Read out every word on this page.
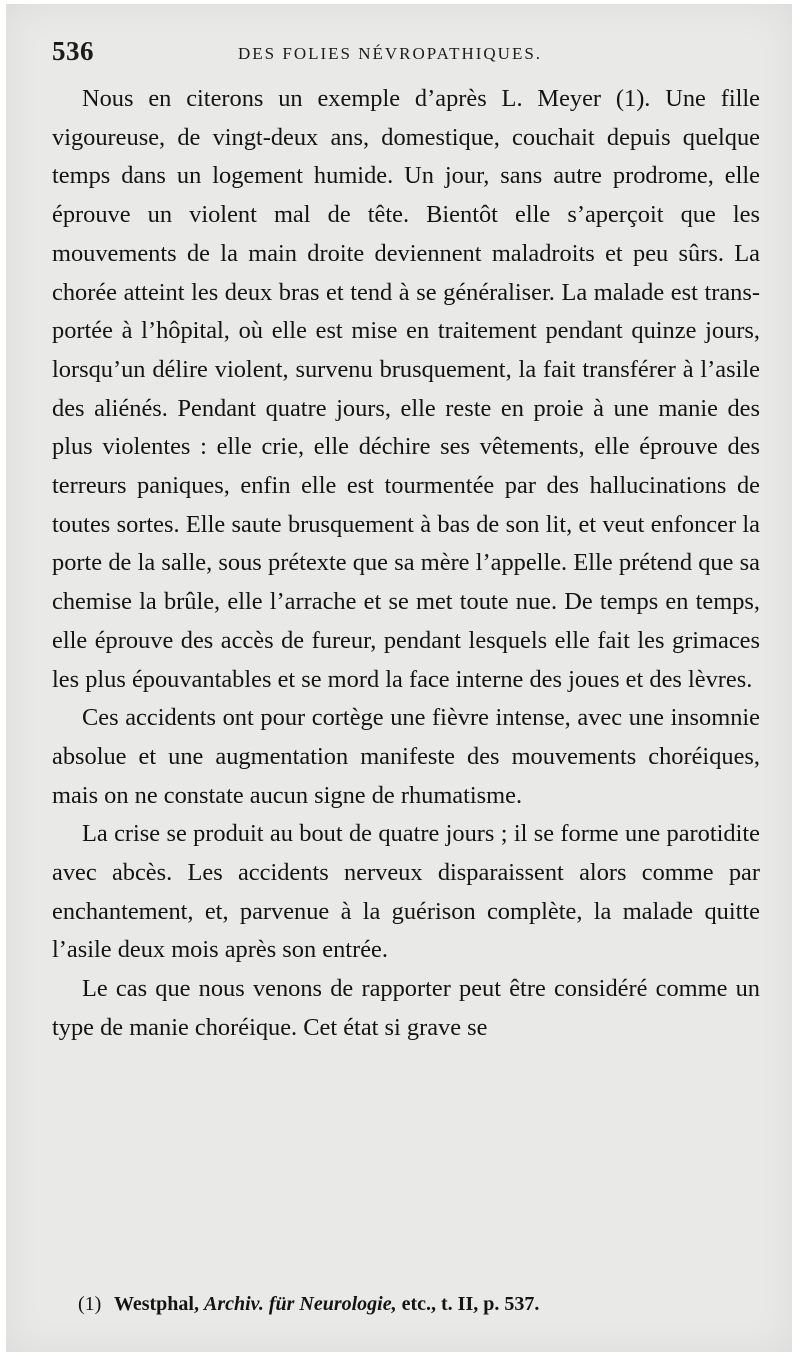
536	DES FOLIES NÉVROPATHIQUES.

Nous en citerons un exemple d’après L. Meyer (1). Une fille vigoureuse, de vingt-deux ans, domestique, couchait depuis quelque temps dans un logement humide. Un jour, sans autre prodrome, elle éprouve un violent mal de tête. Bientôt elle s’aperçoit que les mouvements de la main droite deviennent maladroits et peu sûrs. La chorée atteint les deux bras et tend à se généraliser. La malade est transportée à l’hôpital, où elle est mise en traitement pendant quinze jours, lorsqu’un délire violent, survenu brusquement, la fait transférer à l’asile des aliénés. Pendant quatre jours, elle reste en proie à une manie des plus violentes : elle crie, elle déchire ses vêtements, elle éprouve des terreurs paniques, enfin elle est tourmentée par des hallucinations de toutes sortes. Elle saute brusquement à bas de son lit, et veut enfoncer la porte de la salle, sous prétexte que sa mère l’appelle. Elle prétend que sa chemise la brûle, elle l’arrache et se met toute nue. De temps en temps, elle éprouve des accès de fureur, pendant lesquels elle fait les grimaces les plus épouvantables et se mord la face interne des joues et des lèvres.

Ces accidents ont pour cortège une fièvre intense, avec une insomnie absolue et une augmentation manifeste des mouvements choréiques, mais on ne constate aucun signe de rhumatisme.

La crise se produit au bout de quatre jours ; il se forme une parotidite avec abcès. Les accidents nerveux disparaissent alors comme par enchantement, et, parvenue à la guérison complète, la malade quitte l’asile deux mois après son entrée.

Le cas que nous venons de rapporter peut être considéré comme un type de manie choréique. Cet état si grave se

(1) Westphal, Archiv. für Neurologie, etc., t. II, p. 537.
